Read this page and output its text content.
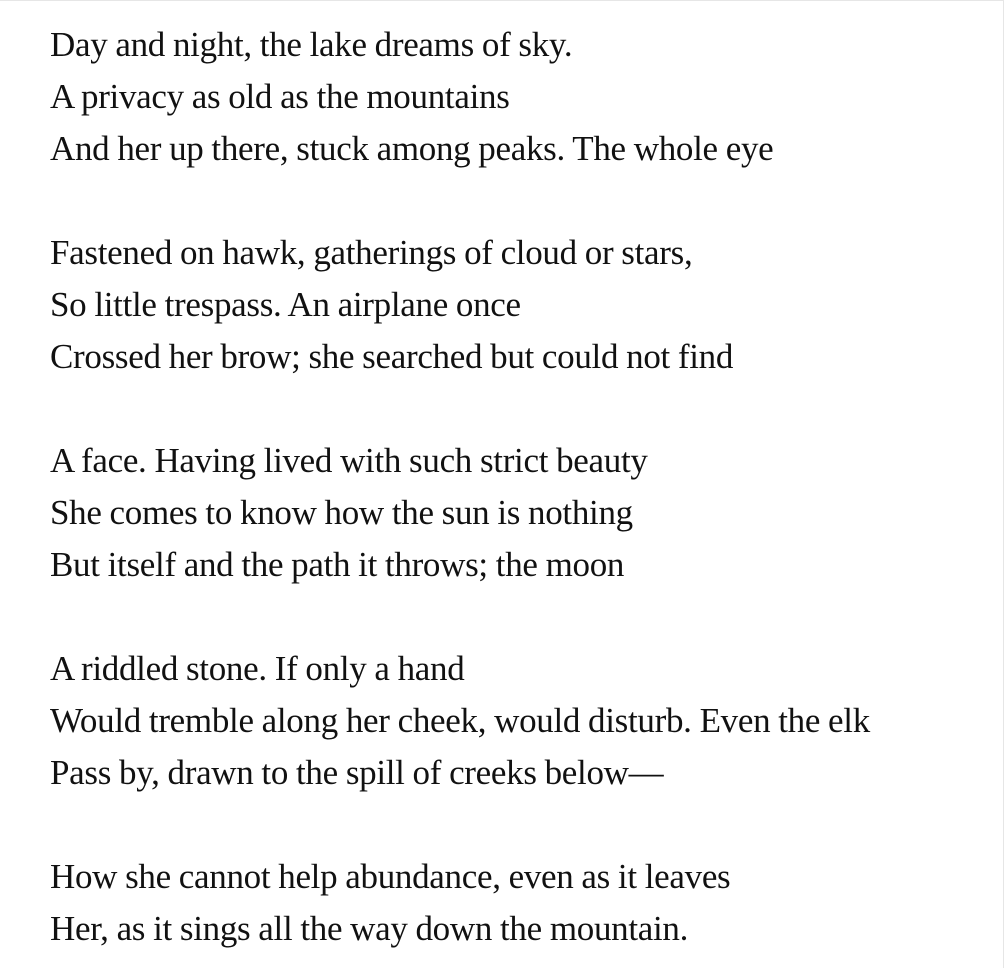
Day and night, the lake dreams of sky.
A privacy as old as the mountains
And her up there, stuck among peaks. The whole eye
Fastened on hawk, gatherings of cloud or stars,
So little trespass. An airplane once
Crossed her brow; she searched but could not find
A face. Having lived with such strict beauty
She comes to know how the sun is nothing
But itself and the path it throws; the moon
A riddled stone. If only a hand
Would tremble along her cheek, would disturb. Even the elk
Pass by, drawn to the spill of creeks below—
How she cannot help abundance, even as it leaves
Her, as it sings all the way down the mountain.
